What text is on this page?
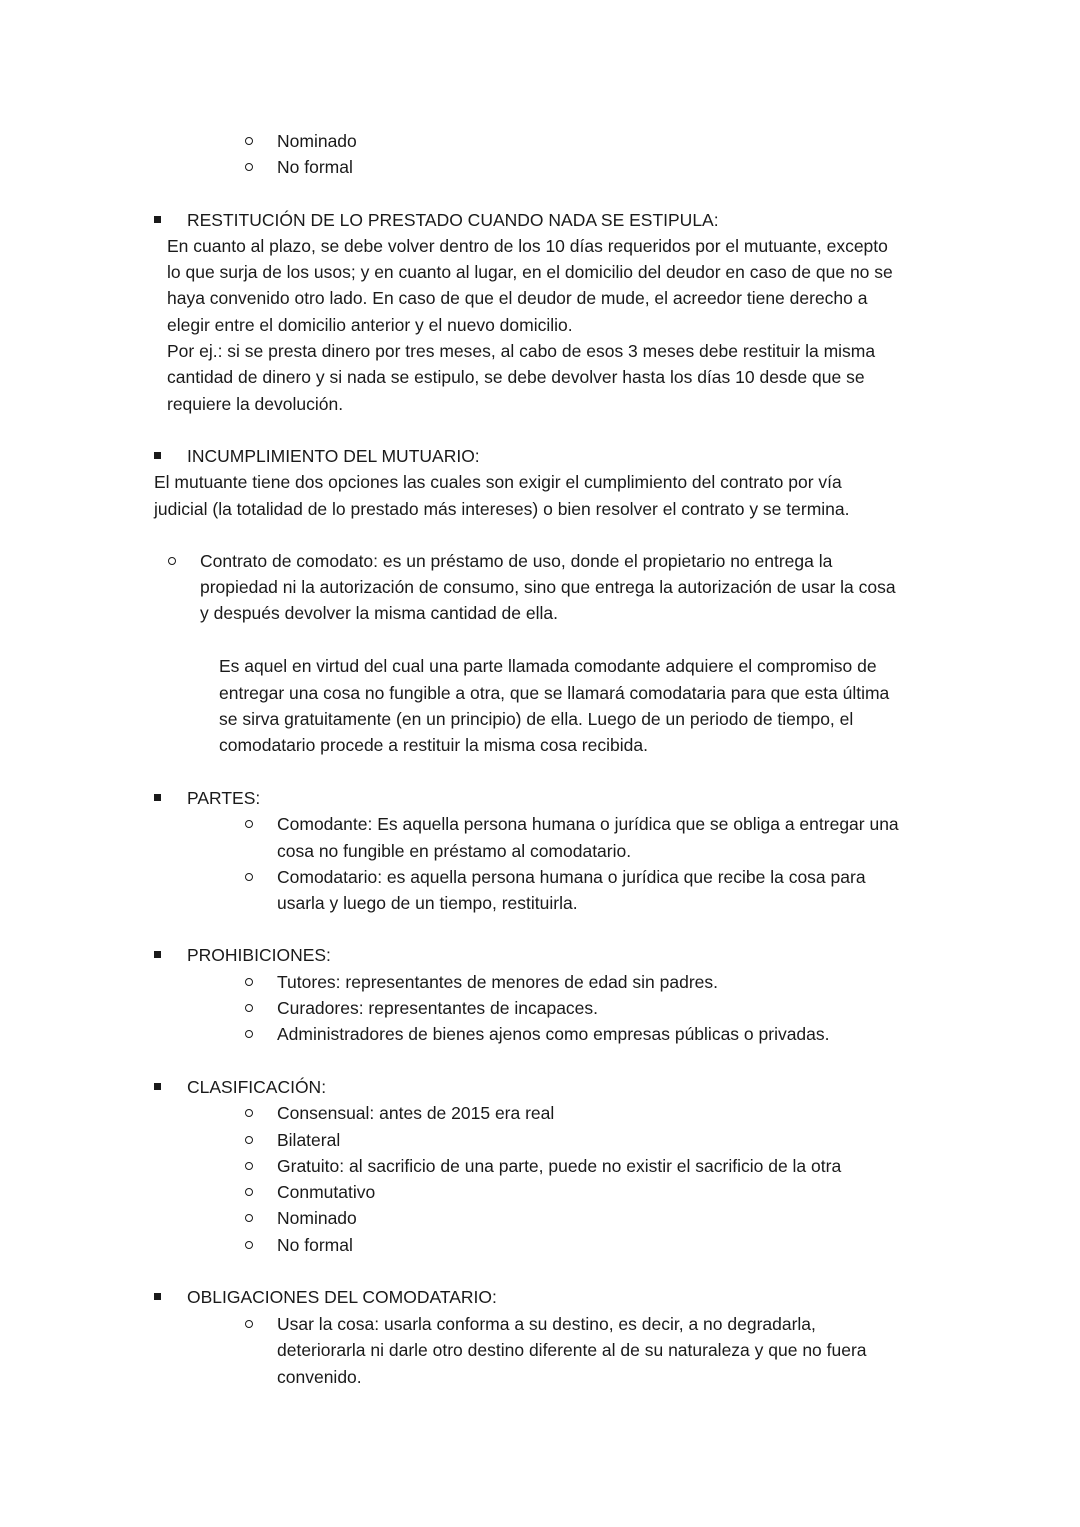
Nominado
No formal
RESTITUCIÓN DE LO PRESTADO CUANDO NADA SE ESTIPULA:
En cuanto al plazo, se debe volver dentro de los 10 días requeridos por el mutuante, excepto
lo que surja de los usos; y en cuanto al lugar, en el domicilio del deudor en caso de que no se
haya convenido otro lado. En caso de que el deudor de mude, el acreedor tiene derecho a
elegir entre el domicilio anterior y el nuevo domicilio.
Por ej.: si se presta dinero por tres meses, al cabo de esos 3 meses debe restituir la misma
cantidad de dinero y si nada se estipulo, se debe devolver hasta los días 10 desde que se
requiere la devolución.
INCUMPLIMIENTO DEL MUTUARIO:
El mutuante tiene dos opciones las cuales son exigir el cumplimiento del contrato por vía
judicial (la totalidad de lo prestado más intereses) o bien resolver el contrato y se termina.
Contrato de comodato: es un préstamo de uso, donde el propietario no entrega la
propiedad ni la autorización de consumo, sino que entrega la autorización de usar la cosa
y después devolver la misma cantidad de ella.
Es aquel en virtud del cual una parte llamada comodante adquiere el compromiso de
entregar una cosa no fungible a otra, que se llamará comodataria para que esta última
se sirva gratuitamente (en un principio) de ella. Luego de un periodo de tiempo, el
comodatario procede a restituir la misma cosa recibida.
PARTES:
Comodante: Es aquella persona humana o jurídica que se obliga a entregar una
cosa no fungible en préstamo al comodatario.
Comodatario: es aquella persona humana o jurídica que recibe la cosa para
usarla y luego de un tiempo, restituirla.
PROHIBICIONES:
Tutores: representantes de menores de edad sin padres.
Curadores: representantes de incapaces.
Administradores de bienes ajenos como empresas públicas o privadas.
CLASIFICACIÓN:
Consensual: antes de 2015 era real
Bilateral
Gratuito: al sacrificio de una parte, puede no existir el sacrificio de la otra
Conmutativo
Nominado
No formal
OBLIGACIONES DEL COMODATARIO:
Usar la cosa: usarla conforma a su destino, es decir, a no degradarla,
deteriorarla ni darle otro destino diferente al de su naturaleza y que no fuera
convenido.
